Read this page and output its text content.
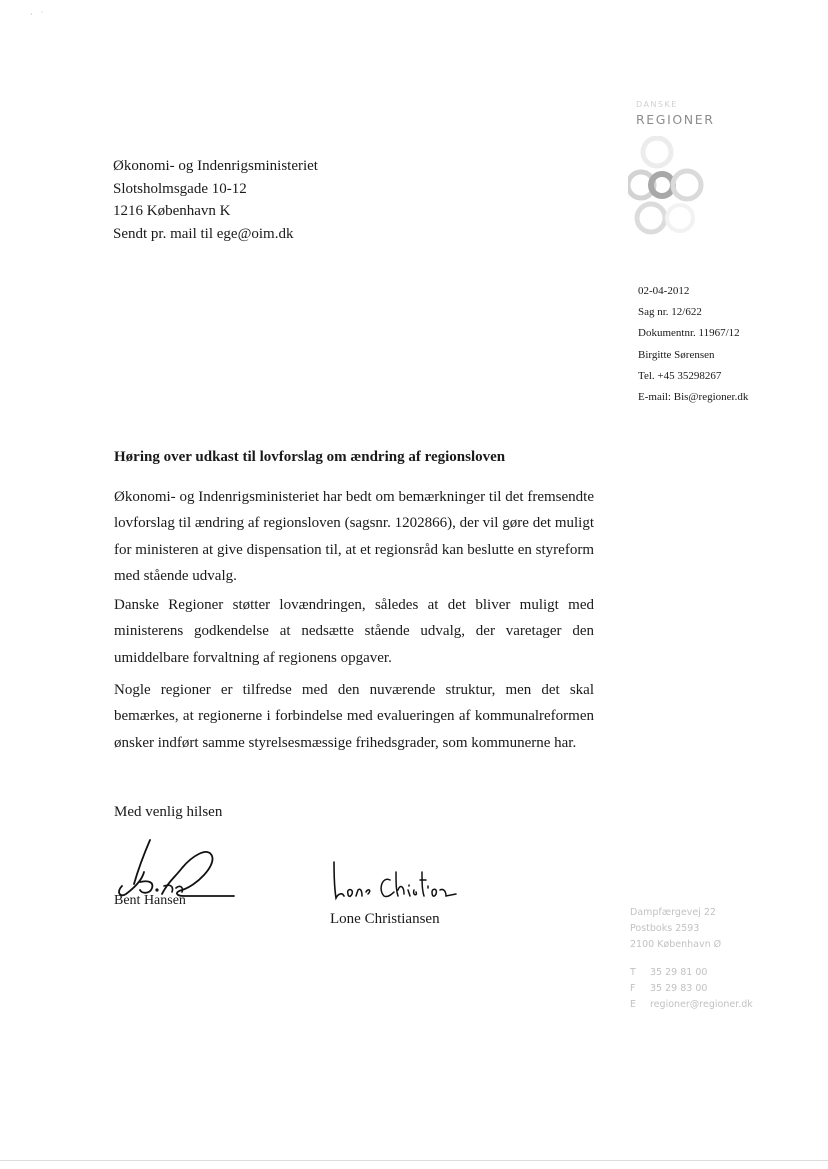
·    ˙
DANSKE
REGIONER
Økonomi- og Indenrigsministeriet
Slotsholmsgade 10-12
1216 København K
Sendt pr. mail til ege@oim.dk
02-04-2012
Sag nr. 12/622
Dokumentnr. 11967/12
Birgitte Sørensen
Tel. +45 35298267
E-mail: Bis@regioner.dk
Høring over udkast til lovforslag om ændring af regionsloven
Økonomi- og Indenrigsministeriet har bedt om bemærkninger til det fremsendte lovforslag til ændring af regionsloven (sagsnr. 1202866), der vil gøre det muligt for ministeren at give dispensation til, at et regionsråd kan beslutte en styreform med stående udvalg.
Danske Regioner støtter lovændringen, således at det bliver muligt med ministerens godkendelse at nedsætte stående udvalg, der varetager den umiddelbare forvaltning af regionens opgaver.
Nogle regioner er tilfredse med den nuværende struktur, men det skal bemærkes, at regionerne i forbindelse med evalueringen af kommunalreformen ønsker indført samme styrelsesmæssige frihedsgrader, som kommunerne har.
Med venlig hilsen
Bent Hansen
Lone Christiansen	Dampfærgevej 22
Postboks 2593
2100 København Ø
T	35 29 81 00
F	35 29 83 00
E	regioner@regioner.dk
